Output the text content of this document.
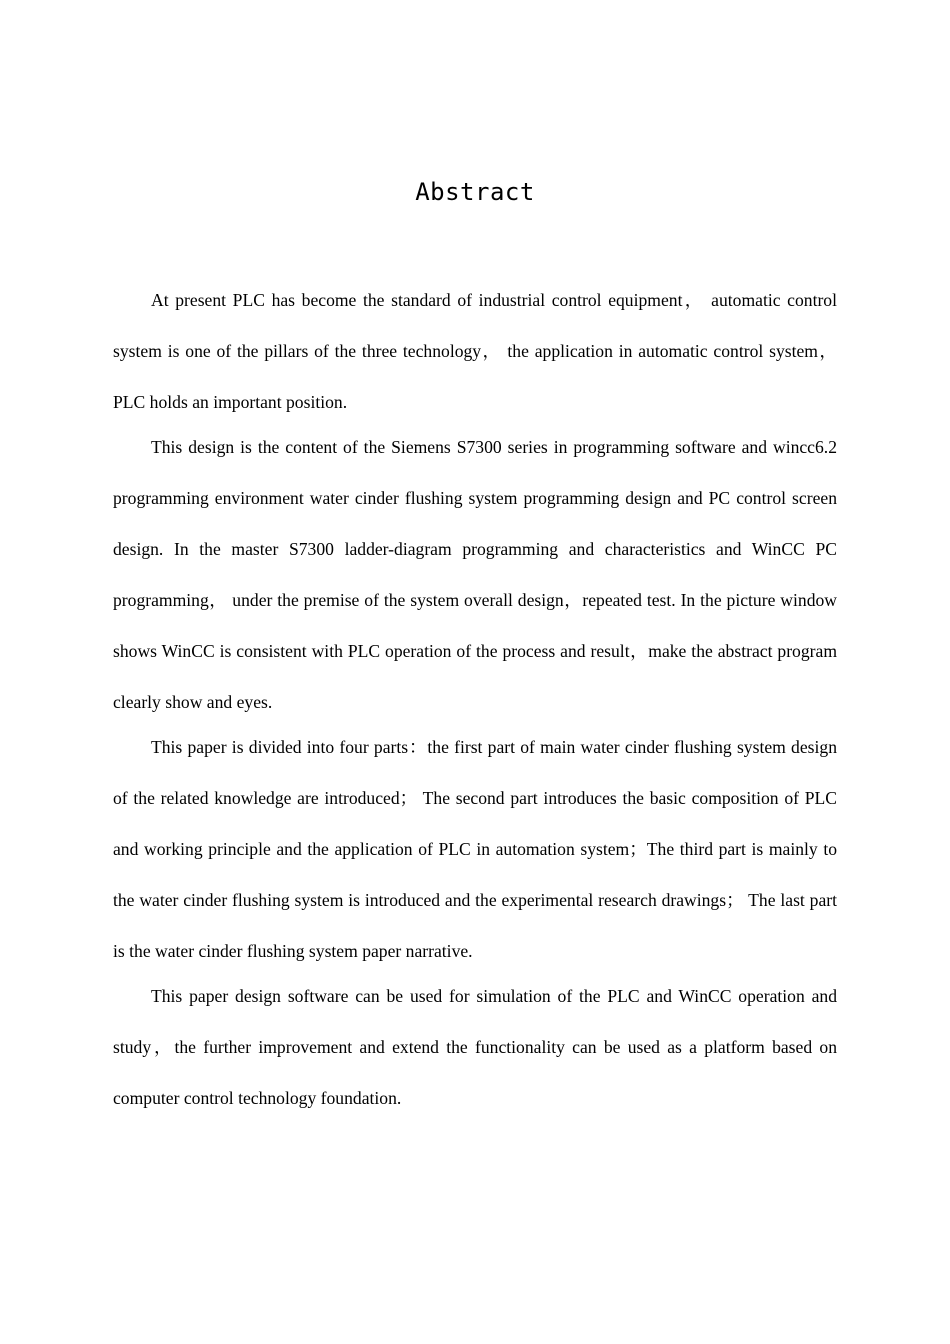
Abstract

At present PLC has become the standard of industrial control equipment， automatic control system is one of the pillars of the three technology， the application in automatic control system，PLC holds an important position.

This design is the content of the Siemens S7300 series in programming software and wincc6.2 programming environment water cinder flushing system programming design and PC control screen design. In the master S7300 ladder-diagram programming and characteristics and WinCC PC programming， under the premise of the system overall design，repeated test. In the picture window shows WinCC is consistent with PLC operation of the process and result，make the abstract program clearly show and eyes.

This paper is divided into four parts：the first part of main water cinder flushing system design of the related knowledge are introduced； The second part introduces the basic composition of PLC and working principle and the application of PLC in automation system；The third part is mainly to the water cinder flushing system is introduced and the experimental research drawings； The last part is the water cinder flushing system paper narrative.

This paper design software can be used for simulation of the PLC and WinCC operation and study，the further improvement and extend the functionality can be used as a platform based on computer control technology foundation.
